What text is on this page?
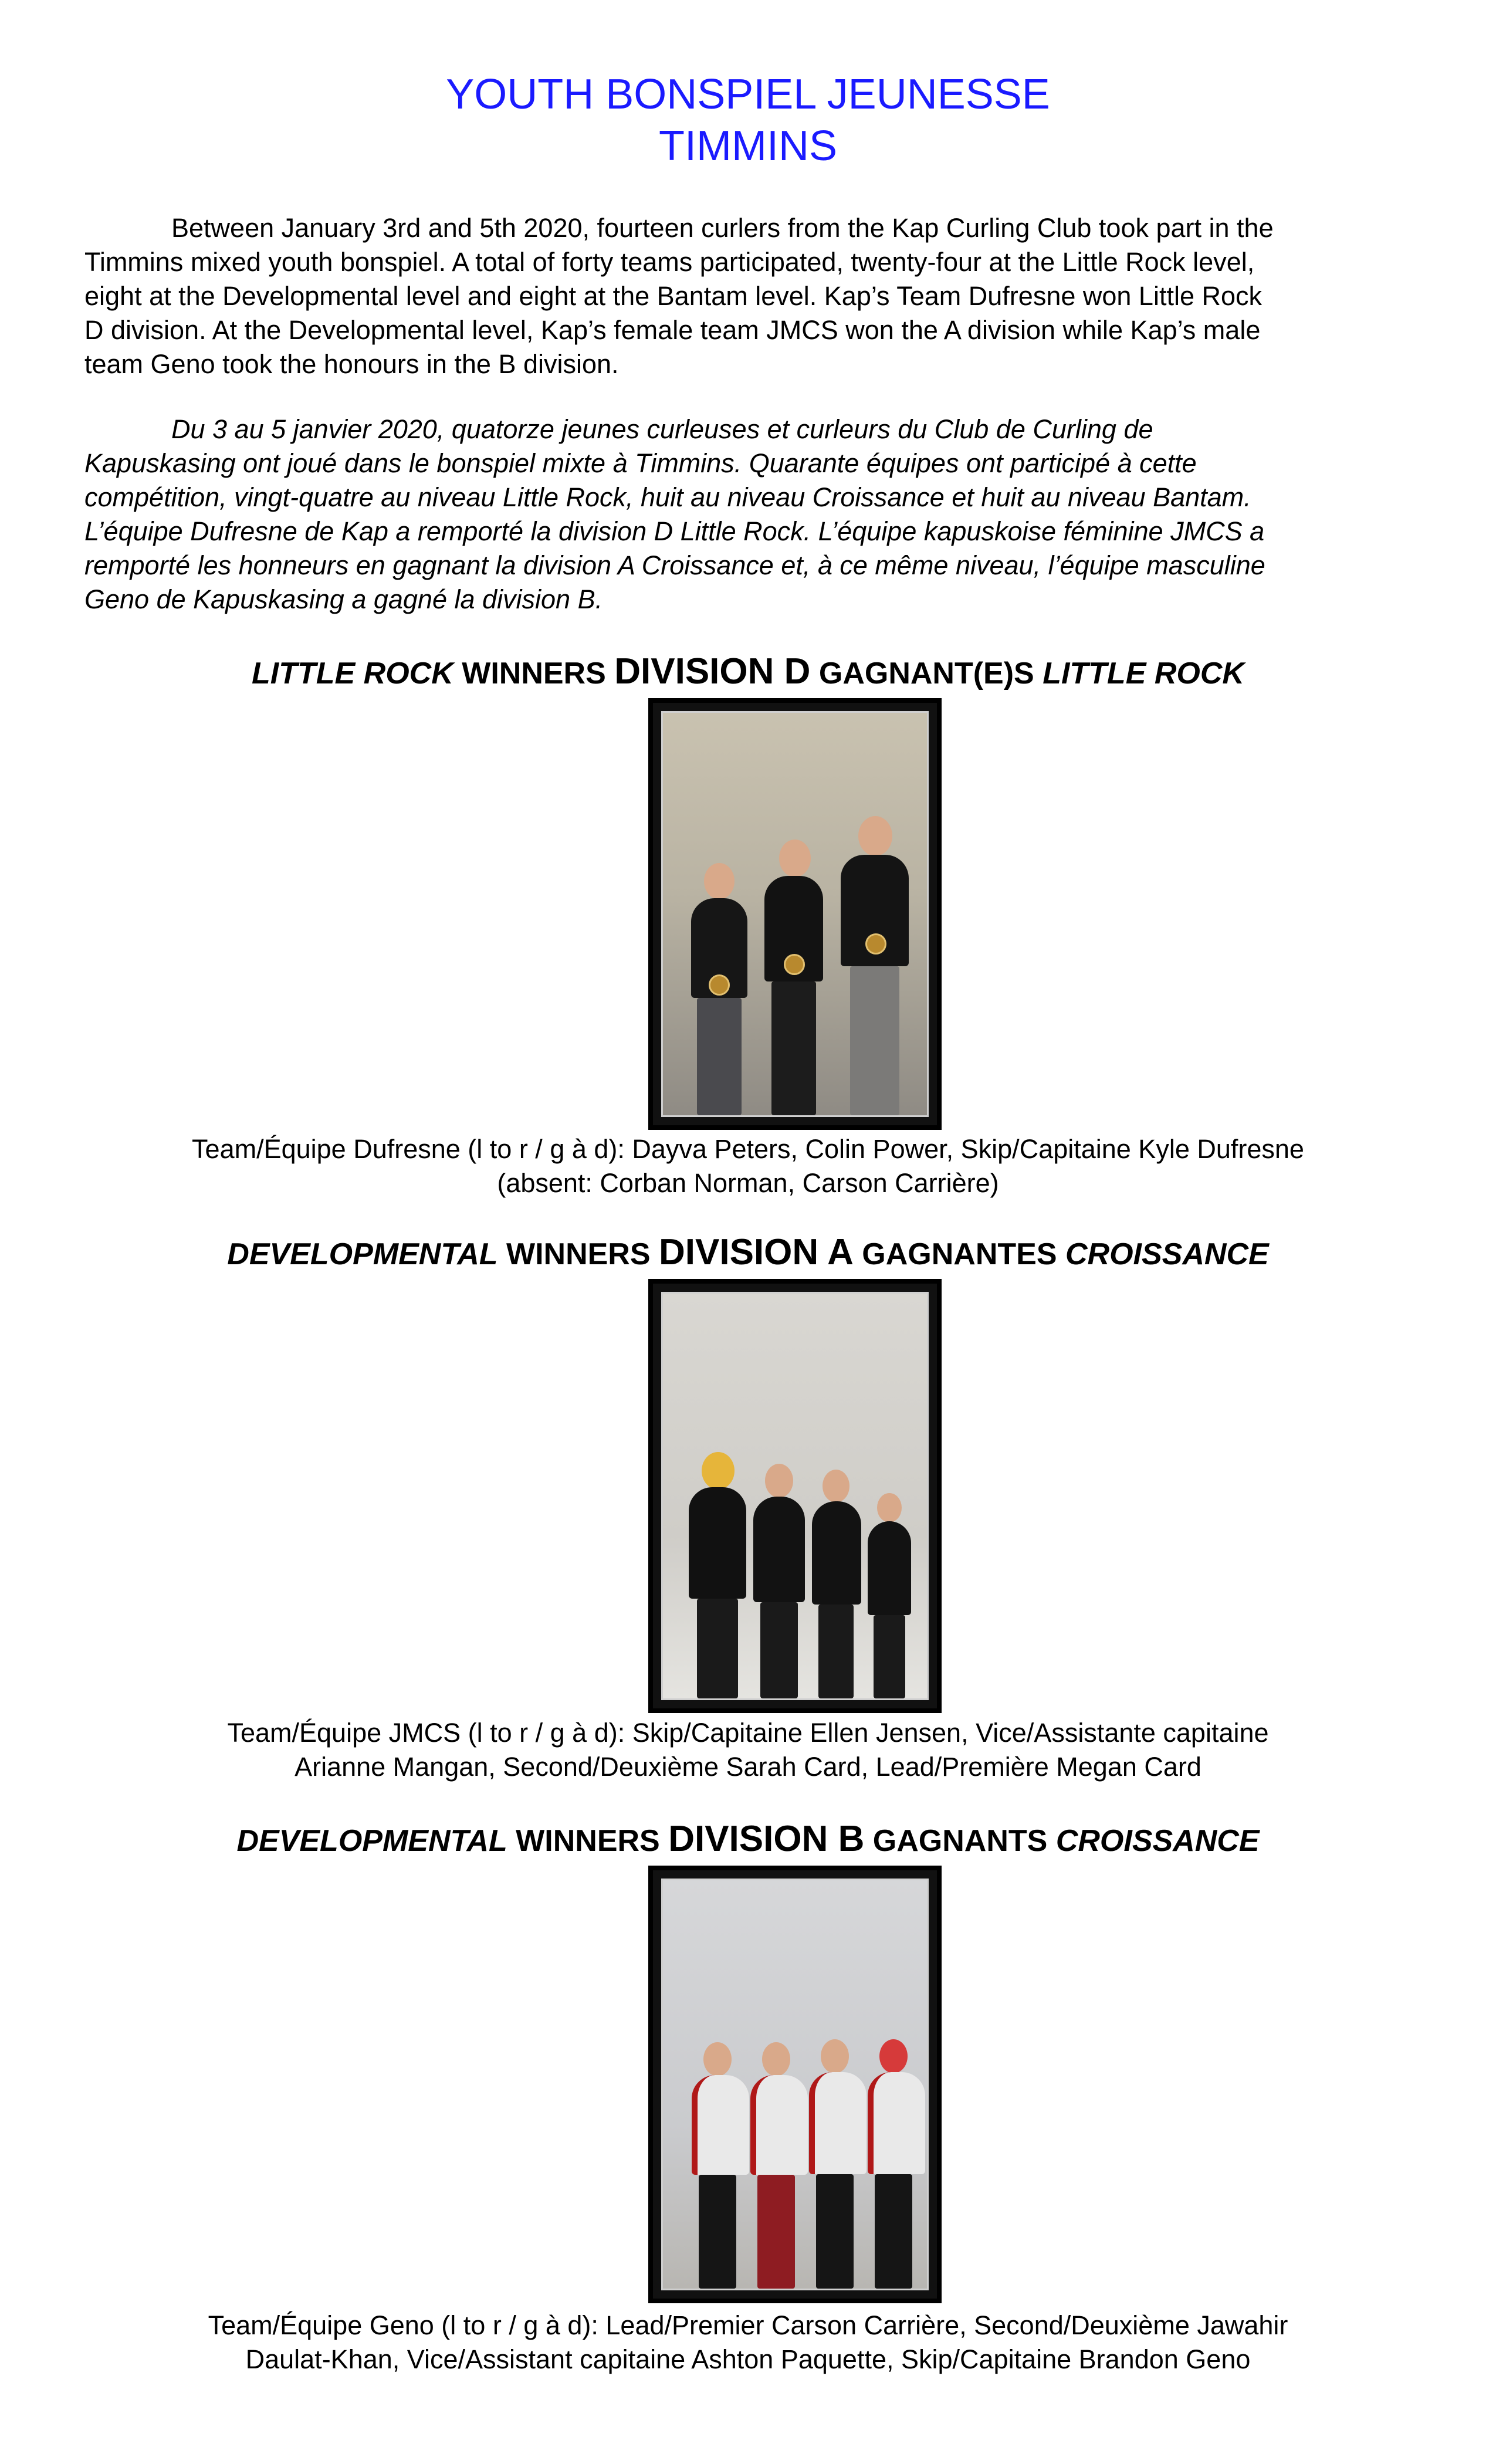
YOUTH BONSPIEL JEUNESSE
TIMMINS

Between January 3rd and 5th 2020, fourteen curlers from the Kap Curling Club took part in the
Timmins mixed youth bonspiel. A total of forty teams participated, twenty-four at the Little Rock level,
eight at the Developmental level and eight at the Bantam level. Kap’s Team Dufresne won Little Rock
D division. At the Developmental level, Kap’s female team JMCS won the A division while Kap’s male
team Geno took the honours in the B division.

Du 3 au 5 janvier 2020, quatorze jeunes curleuses et curleurs du Club de Curling de
Kapuskasing ont joué dans le bonspiel mixte à Timmins. Quarante équipes ont participé à cette
compétition, vingt-quatre au niveau Little Rock, huit au niveau Croissance et huit au niveau Bantam.
L’équipe Dufresne de Kap a remporté la division D Little Rock. L’équipe kapuskoise féminine JMCS a
remporté les honneurs en gagnant la division A Croissance et, à ce même niveau, l’équipe masculine
Geno de Kapuskasing a gagné la division B.

LITTLE ROCK WINNERS DIVISION D GAGNANT(E)S LITTLE ROCK
Team/Équipe Dufresne (l to r / g à d): Dayva Peters, Colin Power, Skip/Capitaine Kyle Dufresne
(absent: Corban Norman, Carson Carrière)
DEVELOPMENTAL WINNERS DIVISION A GAGNANTES CROISSANCE
Team/Équipe JMCS (l to r / g à d): Skip/Capitaine Ellen Jensen, Vice/Assistante capitaine
Arianne Mangan, Second/Deuxième Sarah Card, Lead/Première Megan Card
DEVELOPMENTAL WINNERS DIVISION B GAGNANTS CROISSANCE
Team/Équipe Geno (l to r / g à d): Lead/Premier Carson Carrière, Second/Deuxième Jawahir
Daulat-Khan, Vice/Assistant capitaine Ashton Paquette, Skip/Capitaine Brandon Geno
